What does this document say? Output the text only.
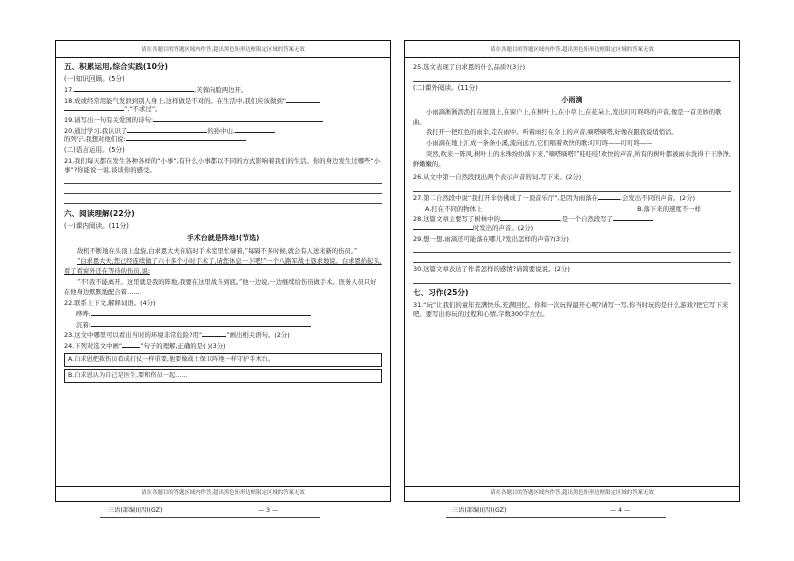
请在各题目的答题区域内作答,超出黑色矩形边框限定区域的答案无效
五、积累运用,综合实践(10分)
(一)知识回顾。(5分)
17.	,芙蓉向脸两边开。
18.成或经常用能气发泄到别人身上,这样做是不对的。在生活中,我们应该做到“
”,“不求过”。
19.请写出一句有关爱国的诗句:
20.通过学习,我认识了	的孙中山,
的列宁,我想对他们说:
(二)语言运用。(5分)
21.我们每天都在发生各种各样的“小事”,有什么小事都以不同的方式影响着我们的生活。你的身边发生过哪些“小事”?你能说一说,谈谈你的感受。
六、阅读理解(22分)
(一)课内阅读。(11分)
手术台就是阵地!(节选)
敌机不断地在头顶上盘旋,白求恩大夫在临时手术室里忙碌着,“每隔不多时候,就会有人送来新的伤员。”
“白求恩大夫,您已经连续做了六十多个小时手术了,请您休息一下吧!”一个八路军战士恳求地说。白求恩抬起头,看了看窗外还在等待的伤员,说:
“不!我不能离开。这里就是我的阵地,我要在这里战斗到底。”他一边说,一边继续给伤员做手术。医务人员只好在他身边默默地配合着……
22.联系上下文,解释词语。(4分)
哗哗:
沉着:
23.这文中哪里可以看出当时的环境非常危险?用“	”画出相关语句。(2分)
24.下列对选文中画“	”句子的理解,正确的是( )(3分)
A.白求恩把救伤员看成打仗一样重要,他要像战士保卫阵地一样守护手术台。
B.白求恩认为自己是医生,要和伤员一起……
请在各题目的答题区域内作答,超出黑色矩形边框限定区域的答案无效
请在各题目的答题区域内作答,超出黑色矩形边框限定区域的答案无效
25.选文表现了白求恩的什么品质?(3分)
(二)课外阅读。(11分)
小雨滴
小雨滴淅淅沥沥打在屋顶上,在窗户上,在树叶上,在小草上,在花朵上,发出叮叮咚咚的声音,像是一首美妙的歌曲。
我打开一把红色的雨伞,走在雨中。听着雨打在伞上的声音,嘀嗒嘀嗒,好像在跟我说悄悄话。
小雨滴在地上汇成一条条小溪,流向远方,它们唱着欢快的歌:叮叮咚——叮叮咚——
突然,吹来一阵风,树叶上的水珠纷纷落下来,“嘀嗒嘀嗒!”哇哇哇!欢快的声音,所有的树叶都被雨水洗得干干净净,鲜嫩嫩的。
26.从文中第一自然段找出两个表示声音的词,写下来。(2分)
27.第二自然段中说“我打开伞仿佛成了一顶音乐厅”,是因为雨落在	,会发出不同的声音。(2分)
A.打在不同的物体上	B.落下来的速度不一样
28.这篇文章主要写了树林中的	,是一个自然段写了
时发出的声音。(2分)
29.想一想,雨滴还可能落在哪儿?发出怎样的声音?(3分)
30.这篇文章表达了作者怎样的感情?请简要说说。(2分)
七、习作(25分)
31.“玩”让我们的童年充满快乐,充满回忆。你和一次玩得最开心呢?请写一写,你当时玩的是什么游戏?把它写下来吧。要写出你玩的过程和心情,字数300字左右。
请在各题目的答题区域内作答,超出黑色矩形边框限定区域的答案无效
三语(部编)(四)(GZ)	— 3 —	三语(部编)(四)(GZ)	— 4 —
